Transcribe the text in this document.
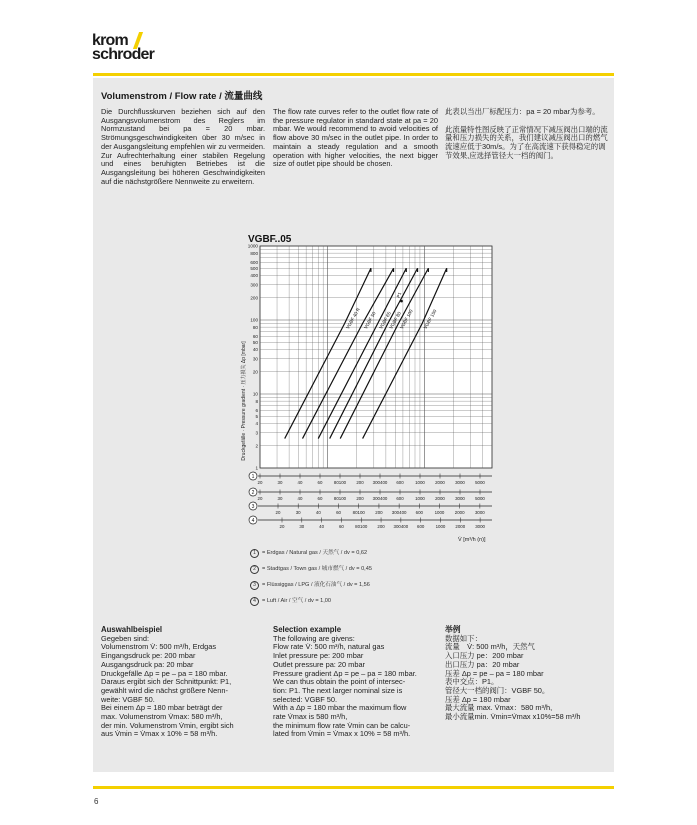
krom
schroder
Volumenstrom / Flow rate / 流量曲线
Die Durchflusskurven beziehen sich auf den Ausgangsvolumenstrom des Reglers im Normzustand bei pa = 20 mbar. Strömungsgeschwindigkeiten über 30 m/sec in der Ausgangsleitung empfehlen wir zu vermeiden. Zur Aufrechterhaltung einer stabilen Regelung und eines beruhigten Betriebes ist die Ausgangsleitung bei höheren Geschwindigkeiten auf die nächstgrößere Nennweite zu erweitern.
The flow rate curves refer to the outlet flow rate of the pressure regulator in standard state at pa = 20 mbar. We would recommend to avoid velocities of flow above 30 m/sec in the outlet pipe. In order to maintain a steady regulation and a smooth operation with higher velocities, the next bigger size of outlet pipe should be chosen.

此表以当出厂标配压力：pa = 20 mbar为参考。

此流量特性图反映了正常情况下减压阀出口端的流量和压力损失的关系，我们建议减压阀出口的燃气流速应低于30m/s。为了在高流速下获得稳定的调节效果,应选择管径大一档的阀门。

VGBF..05
Druckgefälle · Pressure gradient · 压力损失 Δp [mbar]
1
2
3
4
5
6
8
10
20
30
40
50
60
80
100
200
300
400
500
600
800
1000
VGBF 40 R VGBF 50 VGBF 65
VGBF 80
VGBF 100 VGBF 150
P1
1
20	30	40	60	80100 200 300400 600	1000 2000 3000 5000
2
20	30	40	60	80100 200 300400 600	1000 2000 3000 5000
3
20	30	40	60	80100 200 300400 600	1000 2000 3000
4
20	30	40	60	80100 200 300400 600	1000 2000 3000
V̇ [m³/h (n)]
1 = Erdgas / Natural gas / 天然气 / dv = 0,62
2 = Stadtgas / Town gas / 城市燃气 / dv = 0,45
3 = Flüssiggas / LPG / 液化石油气 / dv = 1,56
4 = Luft / Air / 空气 / dv = 1,00
Auswahlbeispiel
Gegeben sind:
Volumenstrom V̇: 500 m³/h, Erdgas
Eingangsdruck pe: 200 mbar
Ausgangsdruck pa: 20 mbar
Druckgefälle Δp = pe – pa = 180 mbar.
Daraus ergibt sich der Schnittpunkt: P1,
gewählt wird die nächst größere Nenn-
weite: VGBF 50.
Bei einem Δp = 180 mbar beträgt der
max. Volumenstrom V̇max: 580 m³/h,
der min. Volumenstrom V̇min, ergibt sich
aus V̇min = V̇max x 10% = 58 m³/h.
Selection example
The following are givens:
Flow rate V̇: 500 m³/h, natural gas
Inlet pressure pe: 200 mbar
Outlet pressure pa: 20 mbar
Pressure gradient Δp = pe – pa = 180 mbar.
We can thus obtain the point of intersec-
tion: P1. The next larger nominal size is
selected: VGBF 50.
With a Δp = 180 mbar the maximum flow
rate V̇max is 580 m³/h,
the minimum flow rate V̇min can be calcu-
lated from V̇min = V̇max x 10% = 58 m³/h.
举例
数据如下：
流量　V̇: 500 m³/h，天然气
入口压力 pe：200 mbar
出口压力 pa：20 mbar
压差 Δp = pe – pa = 180 mbar
表中交点：P1。
管径大一档的阀门：VGBF 50。
压差 Δp = 180 mbar
最大流量 max. V̇max：580 m³/h,
最小流量min. V̇min=V̇max x10%=58 m³/h
6
